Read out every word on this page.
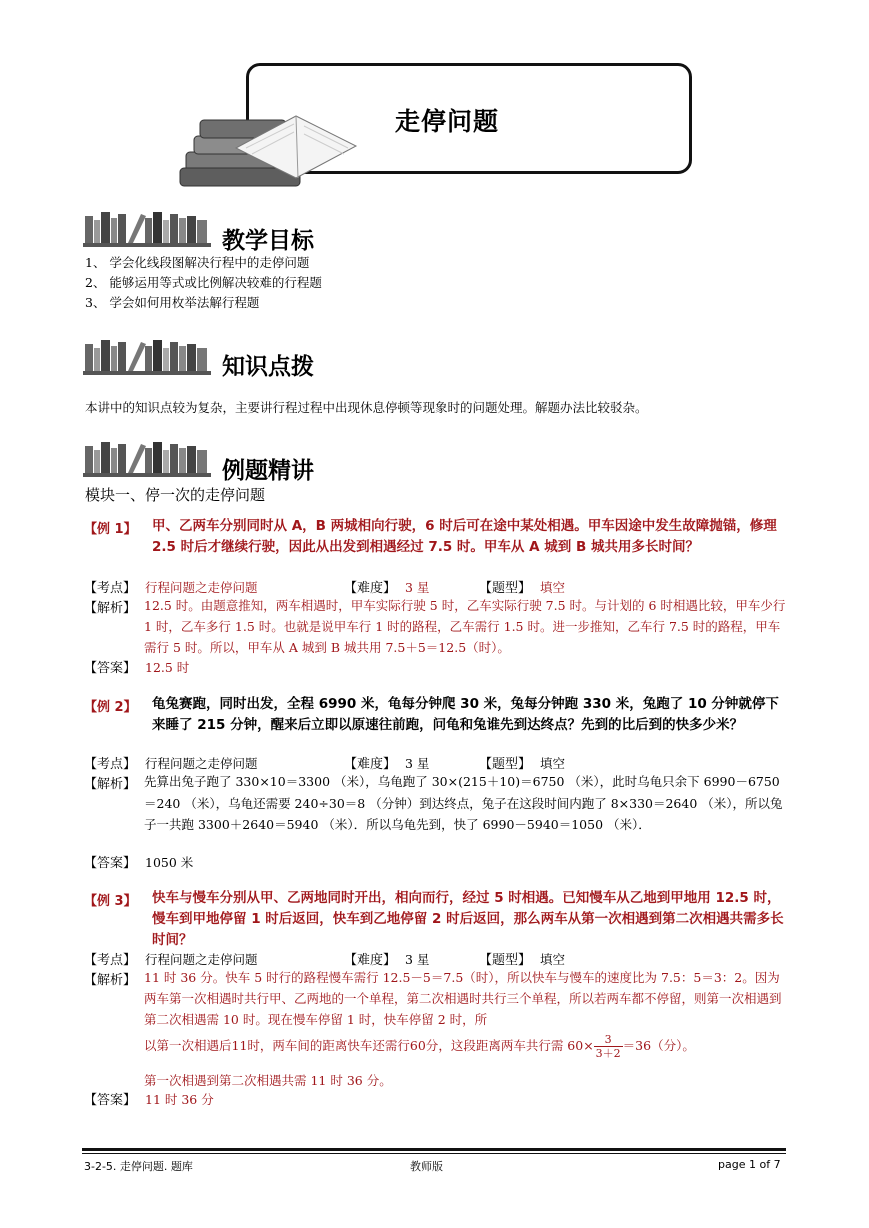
走停问题
教学目标
1、 学会化线段图解决行程中的走停问题
2、 能够运用等式或比例解决较难的行程题
3、 学会如何用枚举法解行程题
知识点拨
本讲中的知识点较为复杂，主要讲行程过程中出现休息停顿等现象时的问题处理。解题办法比较驳杂。
例题精讲
模块一、停一次的走停问题
【例 1】 甲、乙两车分别同时从 A，B 两城相向行驶，6 时后可在途中某处相遇。甲车因途中发生故障抛锚，修理 2.5 时后才继续行驶，因此从出发到相遇经过 7.5 时。甲车从 A 城到 B 城共用多长时间？
【考点】 行程问题之走停问题	【难度】 3 星	【题型】 填空
【解析】 12.5 时。由题意推知，两车相遇时，甲车实际行驶 5 时，乙车实际行驶 7.5 时。与计划的 6 时相遇比较，甲车少行 1 时，乙车多行 1.5 时。也就是说甲车行 1 时的路程，乙车需行 1.5 时。进一步推知，乙车行 7.5 时的路程，甲车需行 5 时。所以，甲车从 A 城到 B 城共用 7.5＋5＝12.5（时）。
【答案】 12.5 时
【例 2】 龟兔赛跑，同时出发，全程 6990 米，龟每分钟爬 30 米，兔每分钟跑 330 米，兔跑了 10 分钟就停下来睡了 215 分钟，醒来后立即以原速往前跑，问龟和兔谁先到达终点？先到的比后到的快多少米？
【考点】 行程问题之走停问题	【难度】 3 星	【题型】 填空
【解析】 先算出兔子跑了 330×10＝3300 （米），乌龟跑了 30×(215＋10)＝6750 （米），此时乌龟只余下 6990－6750＝240 （米），乌龟还需要 240÷30＝8 （分钟）到达终点，兔子在这段时间内跑了 8×330＝2640 （米），所以兔子一共跑 3300＋2640＝5940 （米）．所以乌龟先到，快了 6990－5940＝1050 （米）．
【答案】 1050 米
【例 3】 快车与慢车分别从甲、乙两地同时开出，相向而行，经过 5 时相遇。已知慢车从乙地到甲地用 12.5 时，慢车到甲地停留 1 时后返回，快车到乙地停留 2 时后返回，那么两车从第一次相遇到第二次相遇共需多长时间？
【考点】 行程问题之走停问题	【难度】 3 星	【题型】 填空
【解析】 11 时 36 分。快车 5 时行的路程慢车需行 12.5－5＝7.5（时），所以快车与慢车的速度比为 7.5：5＝3：2。因为两车第一次相遇时共行甲、乙两地的一个单程，第二次相遇时共行三个单程，所以若两车都不停留，则第一次相遇到第二次相遇需 10 时。现在慢车停留 1 时，快车停留 2 时，所
以第一次相遇后11时，两车间的距离快车还需行60分，这段距离两车共行需 $60\times \frac{3}{3+2} =36$（分）。
第一次相遇到第二次相遇共需 11 时 36 分。
【答案】 11 时 36 分
3-2-5. 走停问题. 题库	教师版	page 1 of 7
